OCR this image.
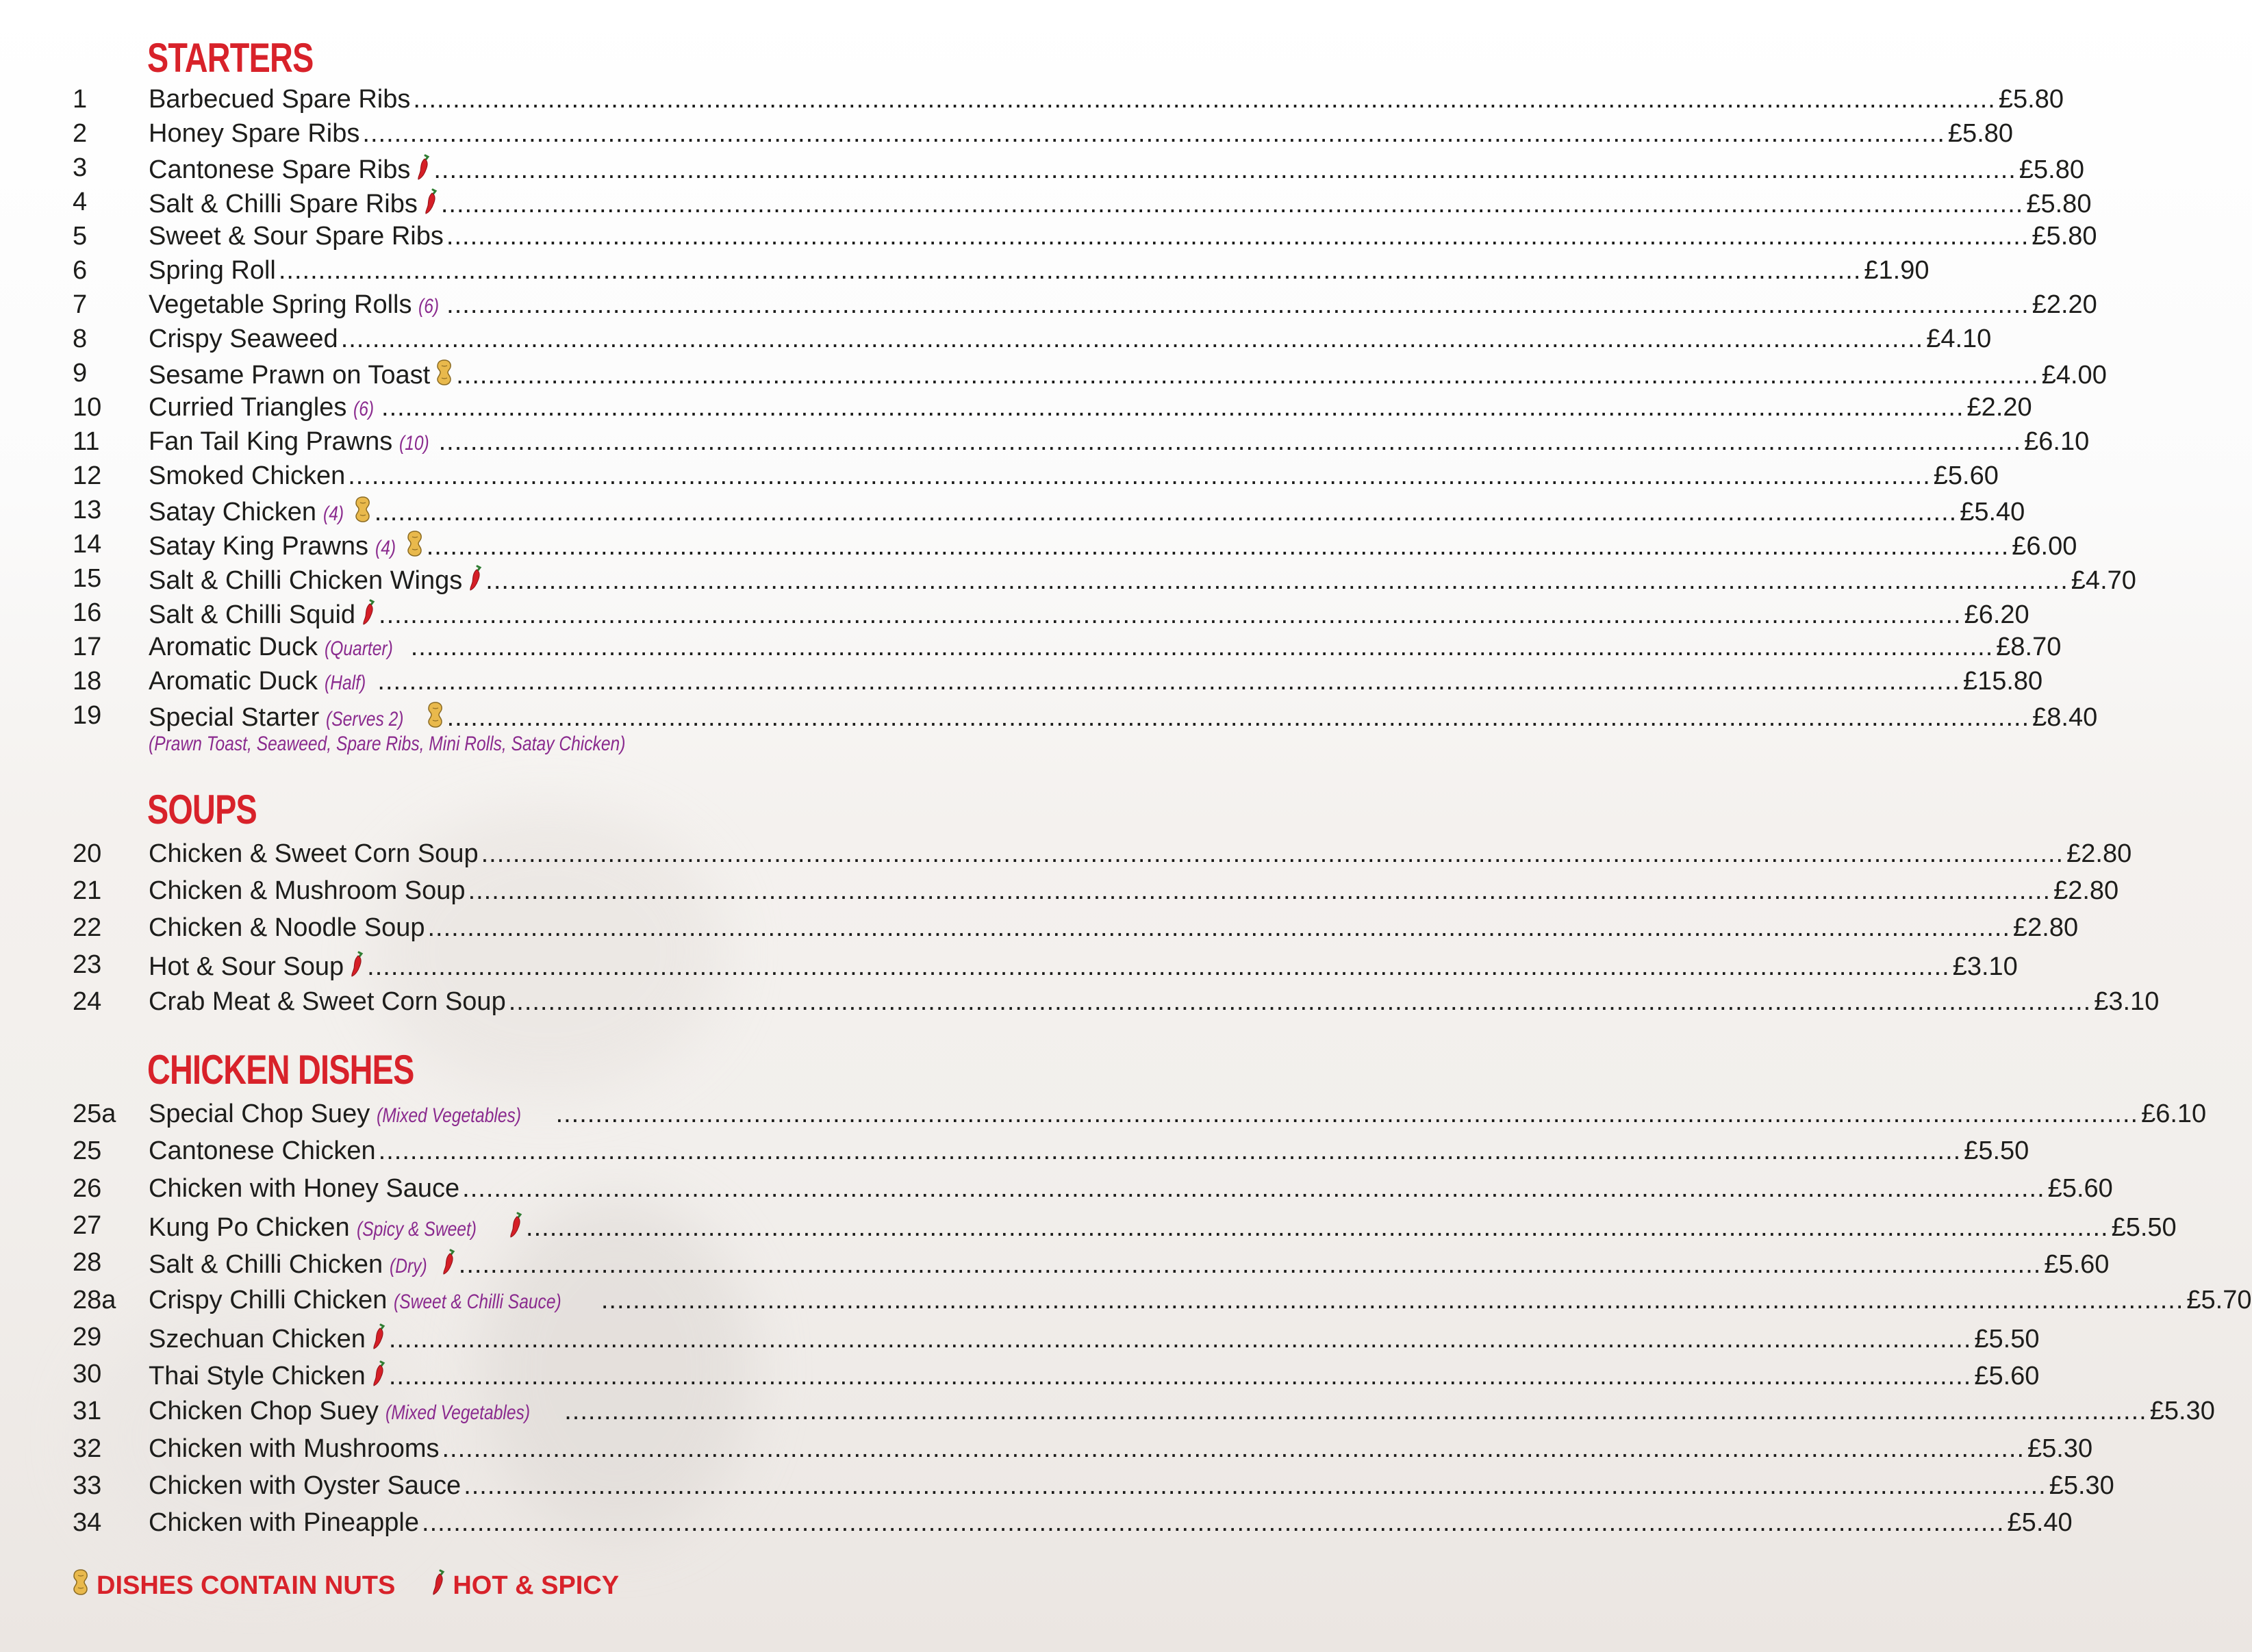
STARTERS
1	Barbecued Spare Ribs ........................................................................................................................................................................................................ £5.80
2	Honey Spare Ribs ........................................................................................................................................................................................................ £5.80
3	Cantonese Spare Ribs ........................................................................................................................................................................................................ £5.80
4	Salt & Chilli Spare Ribs ........................................................................................................................................................................................................ £5.80
5	Sweet & Sour Spare Ribs ........................................................................................................................................................................................................ £5.80
6	Spring Roll ........................................................................................................................................................................................................ £1.90
7	Vegetable Spring Rolls (6) ........................................................................................................................................................................................................ £2.20
8	Crispy Seaweed ........................................................................................................................................................................................................ £4.10
9	Sesame Prawn on Toast ........................................................................................................................................................................................................ £4.00
10	Curried Triangles (6) ........................................................................................................................................................................................................ £2.20
11	Fan Tail King Prawns (10) ........................................................................................................................................................................................................ £6.10
12	Smoked Chicken ........................................................................................................................................................................................................ £5.60
13	Satay Chicken (4) ........................................................................................................................................................................................................ £5.40
14	Satay King Prawns (4) ........................................................................................................................................................................................................ £6.00
15	Salt & Chilli Chicken Wings ........................................................................................................................................................................................................ £4.70
16	Salt & Chilli Squid ........................................................................................................................................................................................................ £6.20
17	Aromatic Duck (Quarter) ........................................................................................................................................................................................................ £8.70
18	Aromatic Duck (Half) ........................................................................................................................................................................................................ £15.80
19	Special Starter (Serves 2) ........................................................................................................................................................................................................ £8.40
(Prawn Toast, Seaweed, Spare Ribs, Mini Rolls, Satay Chicken)
SOUPS
20	Chicken & Sweet Corn Soup ........................................................................................................................................................................................................ £2.80
21	Chicken & Mushroom Soup ........................................................................................................................................................................................................ £2.80
22	Chicken & Noodle Soup ........................................................................................................................................................................................................ £2.80
23	Hot & Sour Soup ........................................................................................................................................................................................................ £3.10
24	Crab Meat & Sweet Corn Soup ........................................................................................................................................................................................................ £3.10
CHICKEN DISHES
25a	Special Chop Suey (Mixed Vegetables) ........................................................................................................................................................................................................ £6.10
25	Cantonese Chicken ........................................................................................................................................................................................................ £5.50
26	Chicken with Honey Sauce ........................................................................................................................................................................................................ £5.60
27	Kung Po Chicken (Spicy & Sweet) ........................................................................................................................................................................................................ £5.50
28	Salt & Chilli Chicken (Dry) ........................................................................................................................................................................................................ £5.60
28a	Crispy Chilli Chicken (Sweet & Chilli Sauce) ........................................................................................................................................................................................................ £5.70
29	Szechuan Chicken ........................................................................................................................................................................................................ £5.50
30	Thai Style Chicken ........................................................................................................................................................................................................ £5.60
31	Chicken Chop Suey (Mixed Vegetables) ........................................................................................................................................................................................................ £5.30
32	Chicken with Mushrooms ........................................................................................................................................................................................................ £5.30
33	Chicken with Oyster Sauce ........................................................................................................................................................................................................ £5.30
34	Chicken with Pineapple ........................................................................................................................................................................................................ £5.40
DISHES CONTAIN NUTS HOT & SPICY
